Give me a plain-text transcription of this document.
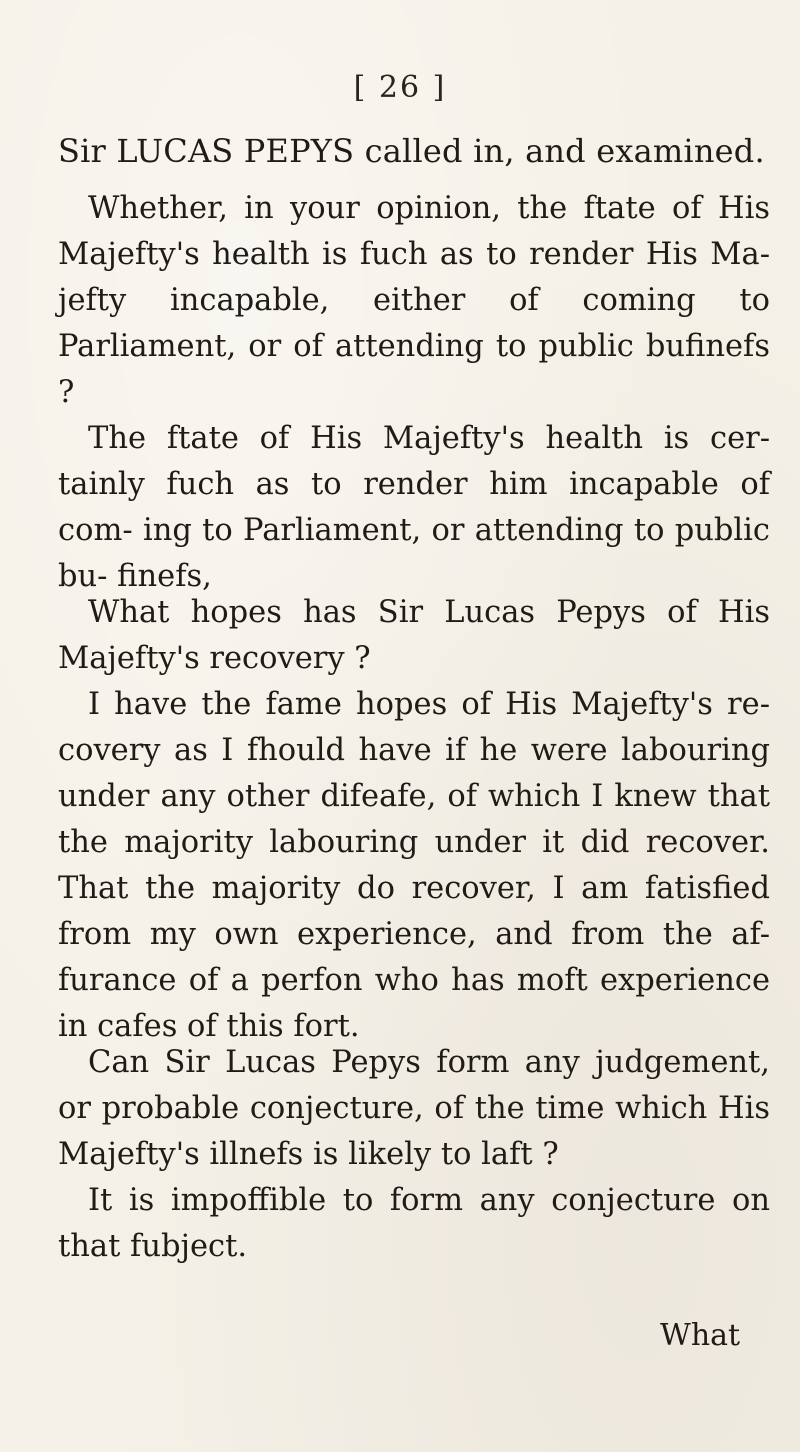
[ 26 ]
Sir LUCAS PEPYS called in, and examined.

Whether, in your opinion, the ftate of His Majefty's health is fuch as to render His Ma- jefty incapable, either of coming to Parliament, or of attending to public bufinefs ?

The ftate of His Majefty's health is cer- tainly fuch as to render him incapable of com- ing to Parliament, or attending to public bu- finefs,

What hopes has Sir Lucas Pepys of His Majefty's recovery ?

I have the fame hopes of His Majefty's re- covery as I fhould have if he were labouring under any other difeafe, of which I knew that the majority labouring under it did recover. That the majority do recover, I am fatisfied from my own experience, and from the af- furance of a perfon who has moft experience in cafes of this fort.

Can Sir Lucas Pepys form any judgement, or probable conjecture, of the time which His Majefty's illnefs is likely to laft ?

It is impoffible to form any conjecture on that fubject.

What
